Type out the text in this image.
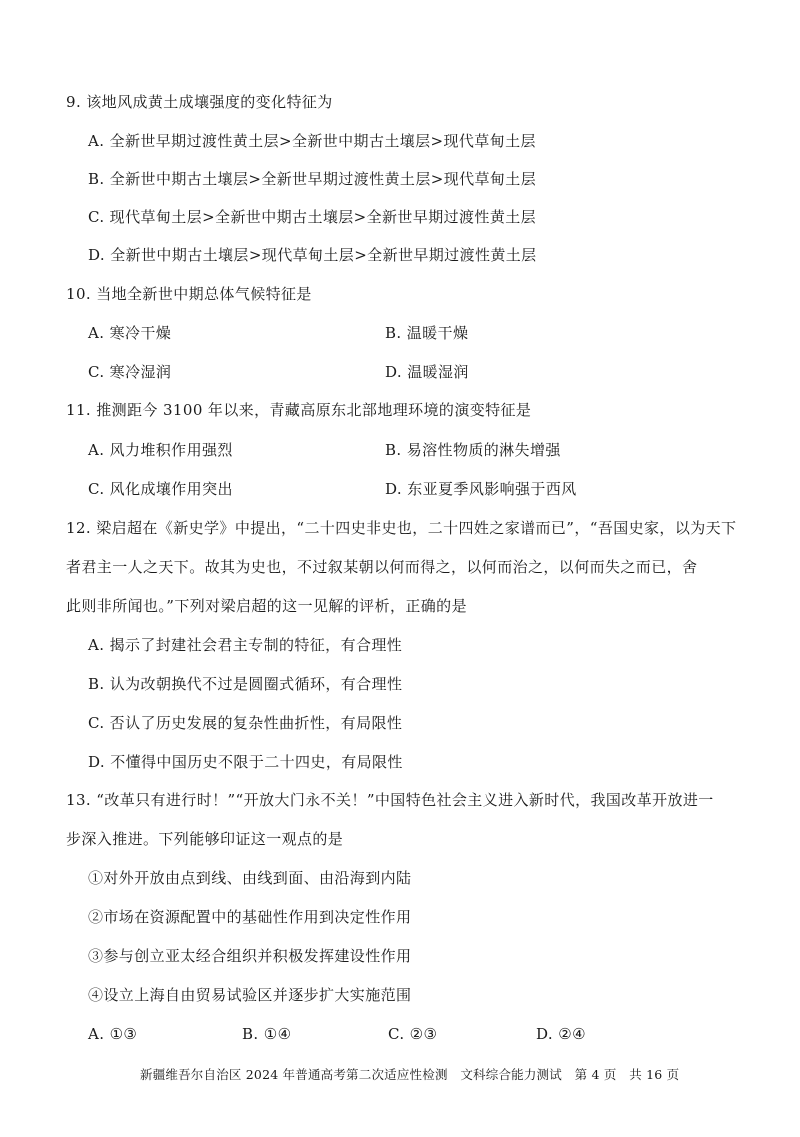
9. 该地风成黄土成壤强度的变化特征为
A. 全新世早期过渡性黄土层>全新世中期古土壤层>现代草甸土层
B. 全新世中期古土壤层>全新世早期过渡性黄土层>现代草甸土层
C. 现代草甸土层>全新世中期古土壤层>全新世早期过渡性黄土层
D. 全新世中期古土壤层>现代草甸土层>全新世早期过渡性黄土层
10. 当地全新世中期总体气候特征是
A. 寒冷干燥	B. 温暖干燥
C. 寒冷湿润	D. 温暖湿润
11. 推测距今 3100 年以来，青藏高原东北部地理环境的演变特征是
A. 风力堆积作用强烈	B. 易溶性物质的淋失增强
C. 风化成壤作用突出	D. 东亚夏季风影响强于西风
12. 梁启超在《新史学》中提出，“二十四史非史也，二十四姓之家谱而已”，“吾国史家，以为天下
者君主一人之天下。故其为史也，不过叙某朝以何而得之，以何而治之，以何而失之而已，舍
此则非所闻也。”下列对梁启超的这一见解的评析，正确的是
A. 揭示了封建社会君主专制的特征，有合理性
B. 认为改朝换代不过是圆圈式循环，有合理性
C. 否认了历史发展的复杂性曲折性，有局限性
D. 不懂得中国历史不限于二十四史，有局限性
13. “改革只有进行时！”“开放大门永不关！”中国特色社会主义进入新时代，我国改革开放进一
步深入推进。下列能够印证这一观点的是
①对外开放由点到线、由线到面、由沿海到内陆
②市场在资源配置中的基础性作用到决定性作用
③参与创立亚太经合组织并积极发挥建设性作用
④设立上海自由贸易试验区并逐步扩大实施范围
A. ①③	B. ①④	C. ②③	D. ②④
新疆维吾尔自治区 2024 年普通高考第二次适应性检测　文科综合能力测试　第 4 页　共 16 页
